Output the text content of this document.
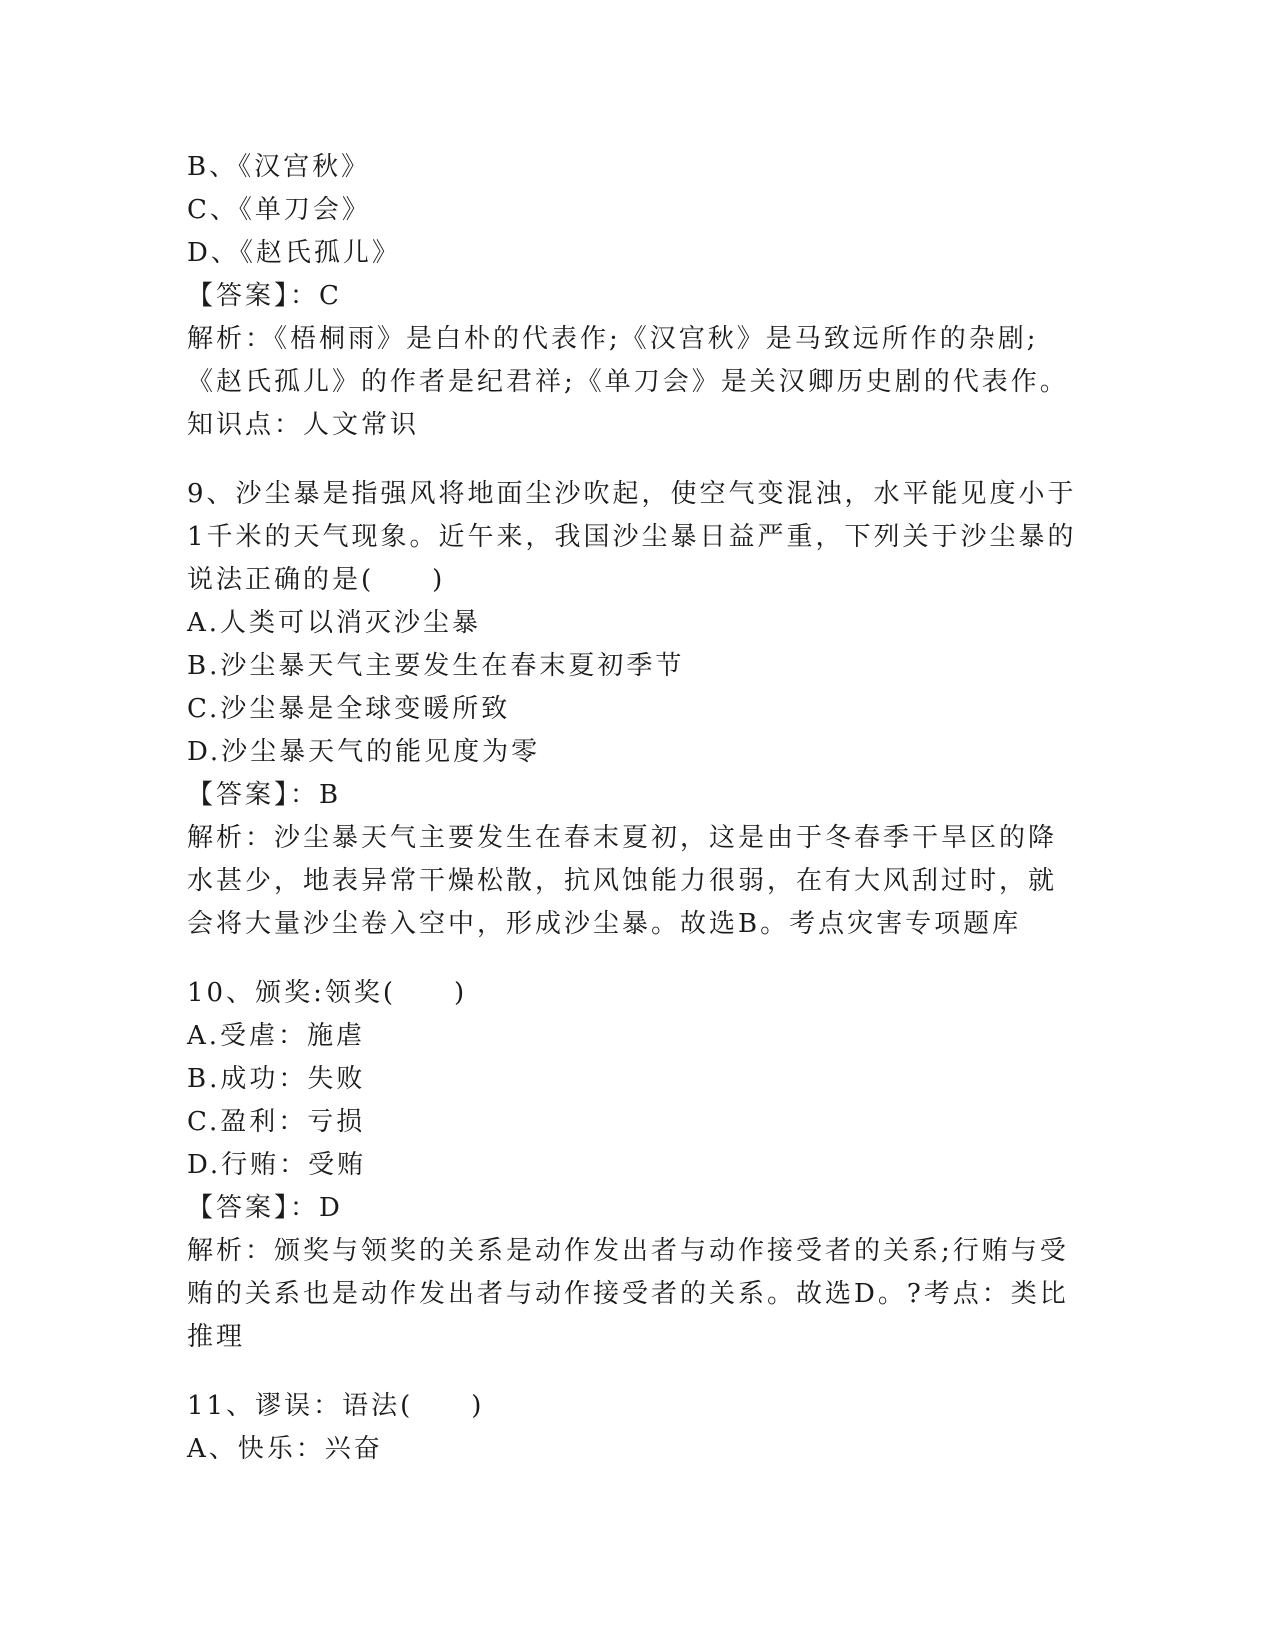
B、《汉宫秋》
C、《单刀会》
D、《赵氏孤儿》
【答案】：C
解析：《梧桐雨》是白朴的代表作;《汉宫秋》是马致远所作的杂剧;
《赵氏孤儿》的作者是纪君祥;《单刀会》是关汉卿历史剧的代表作。
知识点：人文常识
9、沙尘暴是指强风将地面尘沙吹起，使空气变混浊，水平能见度小于
1千米的天气现象。近午来，我国沙尘暴日益严重，下列关于沙尘暴的
说法正确的是(　　)
A.人类可以消灭沙尘暴
B.沙尘暴天气主要发生在春末夏初季节
C.沙尘暴是全球变暖所致
D.沙尘暴天气的能见度为零
【答案】：B
解析：沙尘暴天气主要发生在春末夏初，这是由于冬春季干旱区的降
水甚少，地表异常干燥松散，抗风蚀能力很弱，在有大风刮过时，就
会将大量沙尘卷入空中，形成沙尘暴。故选B。考点灾害专项题库
10、颁奖:领奖(　　)
A.受虐：施虐
B.成功：失败
C.盈利：亏损
D.行贿：受贿
【答案】：D
解析：颁奖与领奖的关系是动作发出者与动作接受者的关系;行贿与受
贿的关系也是动作发出者与动作接受者的关系。故选D。?考点：类比
推理
11、谬误：语法(　　)
A、快乐：兴奋
